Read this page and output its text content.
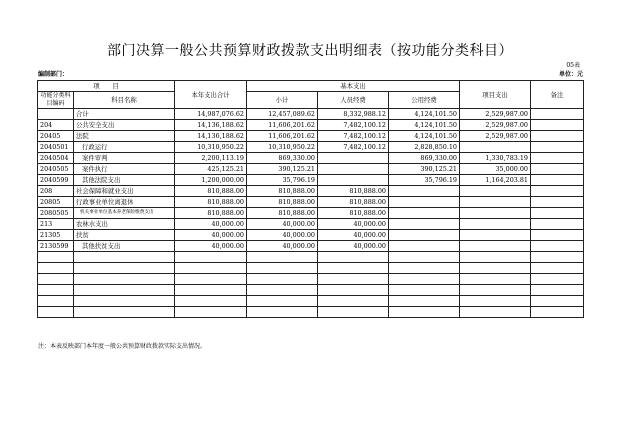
部门决算一般公共预算财政拨款支出明细表（按功能分类科目）
05表
编制部门：	单位：元
项　　目		本年支出合计	基本支出			项目支出	备注
功能分类科目编码	科目名称		小计	人员经费	公用经费		

	合计	14,987,076.62	12,457,089.62	8,332,988.12	4,124,101.50	2,529,987.00	
204	公共安全支出	14,136,188.62	11,606,201.62	7,482,100.12	4,124,101.50	2,529,987.00	
20405	法院	14,136,188.62	11,606,201.62	7,482,100.12	4,124,101.50	2,529,987.00	
2040501	行政运行	10,310,950.22	10,310,950.22	7,482,100.12	2,828,850.10		
2040504	案件审判	2,200,113.19	869,330.00		869,330.00	1,330,783.19	
2040505	案件执行	425,125.21	390,125.21		390,125.21	35,000.00	
2040599	其他法院支出	1,200,000.00	35,796.19		35,796.19	1,164,203.81	
208	社会保障和就业支出	810,888.00	810,888.00	810,888.00			
20805	行政事业单位离退休	810,888.00	810,888.00	810,888.00			
2080505	机关事业单位基本养老保险缴费支出	810,888.00	810,888.00	810,888.00			
213	农林水支出	40,000.00	40,000.00	40,000.00			
21305	扶贫	40,000.00	40,000.00	40,000.00			
2130599	其他扶贫支出	40,000.00	40,000.00	40,000.00			

注：本表反映部门本年度一般公共预算财政拨款实际支出情况。
